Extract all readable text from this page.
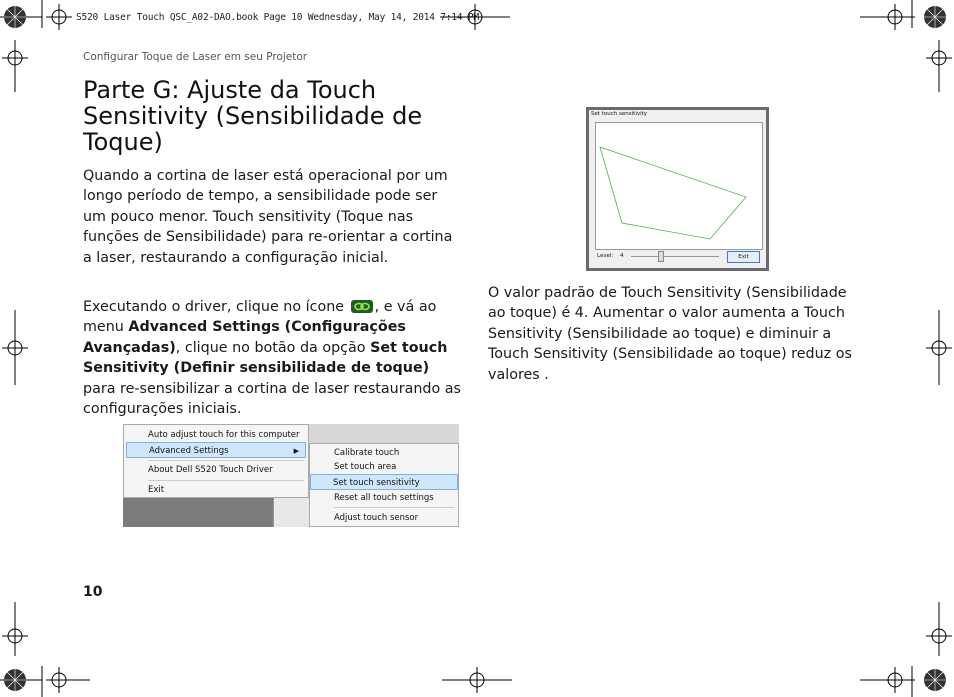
S520 Laser Touch QSC_A02-DAO.book Page 10 Wednesday, May 14, 2014 7:14 PM
Configurar Toque de Laser em seu Projetor
Parte G: Ajuste da Touch Sensitivity (Sensibilidade de Toque)

Quando a cortina de laser está operacional por um longo período de tempo, a sensibilidade pode ser um pouco menor. Touch sensitivity (Toque nas funções de Sensibilidade) para re-orientar a cortina a laser, restaurando a configuração inicial.

Executando o driver, clique no ícone
, e vá ao menu Advanced Settings (Configurações Avançadas), clique no botão da opção Set touch Sensitivity (Definir sensibilidade de toque) para re-sensibilizar a cortina de laser restaurando as configurações iniciais.

Auto adjust touch for this computer
Advanced Settings	▶
About Dell S520 Touch Driver
Exit
Calibrate touch
Set touch area
Set touch sensitivity
Reset all touch settings
Adjust touch sensor
Set touch sensitivity
Level: 4	Exit

O valor padrão de Touch Sensitivity (Sensibilidade ao toque) é 4. Aumentar o valor aumenta a Touch Sensitivity (Sensibilidade ao toque) e diminuir a Touch Sensitivity (Sensibilidade ao toque) reduz os valores .

10
